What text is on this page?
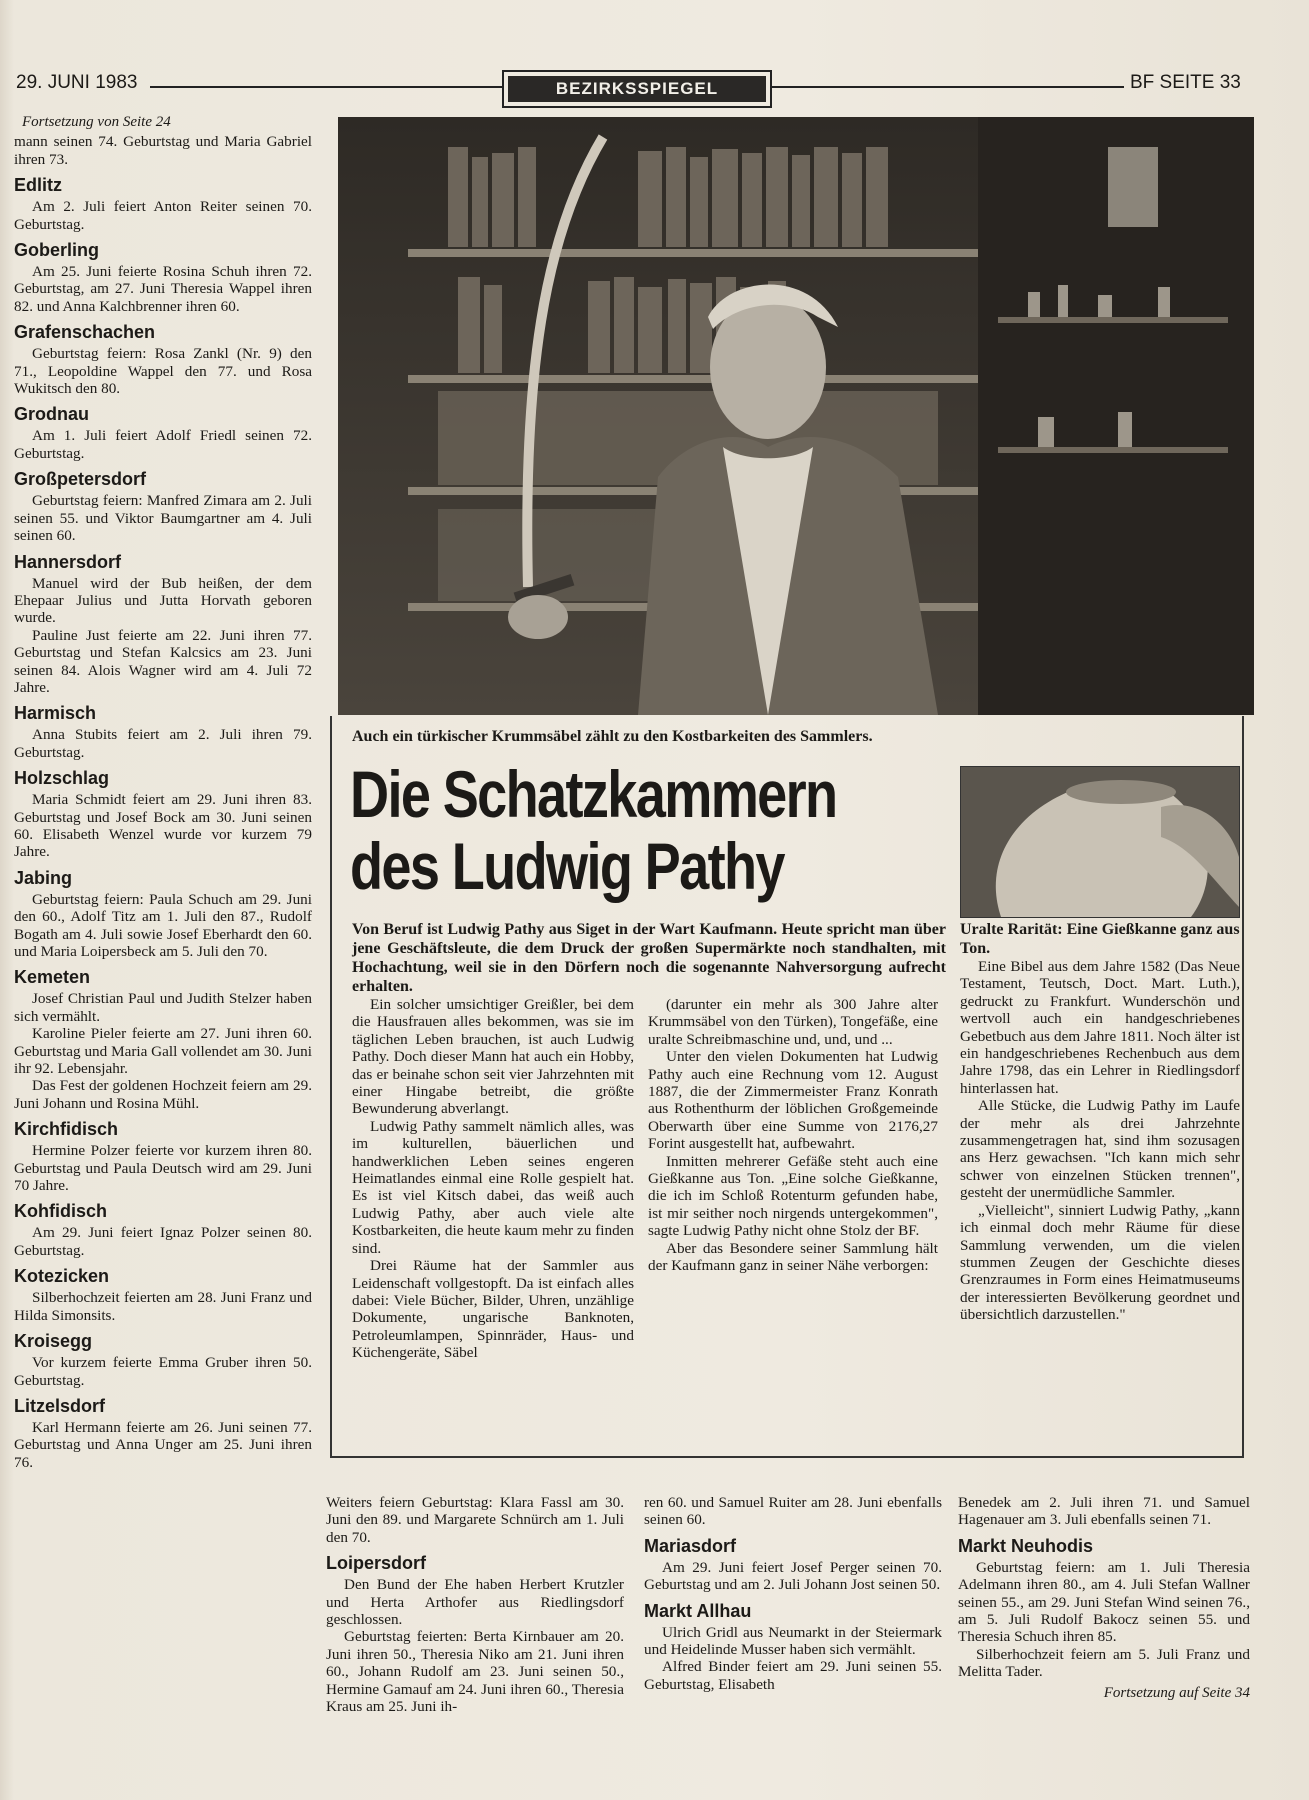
29. JUNI 1983	BEZIRKSSPIEGEL	BF SEITE 33
Fortsetzung von Seite 24

mann seinen 74. Geburtstag und Maria Gabriel ihren 73.

Edlitz

Am 2. Juli feiert Anton Reiter seinen 70. Geburtstag.

Goberling

Am 25. Juni feierte Rosina Schuh ihren 72. Geburtstag, am 27. Juni Theresia Wappel ihren 82. und Anna Kalchbrenner ihren 60.

Grafenschachen

Geburtstag feiern: Rosa Zankl (Nr. 9) den 71., Leopoldine Wappel den 77. und Rosa Wukitsch den 80.

Grodnau

Am 1. Juli feiert Adolf Friedl seinen 72. Geburtstag.

Großpetersdorf

Geburtstag feiern: Manfred Zimara am 2. Juli seinen 55. und Viktor Baumgartner am 4. Juli seinen 60.

Hannersdorf

Manuel wird der Bub heißen, der dem Ehepaar Julius und Jutta Horvath geboren wurde.

Pauline Just feierte am 22. Juni ihren 77. Geburtstag und Stefan Kalcsics am 23. Juni seinen 84. Alois Wagner wird am 4. Juli 72 Jahre.

Harmisch

Anna Stubits feiert am 2. Juli ihren 79. Geburtstag.

Holzschlag

Maria Schmidt feiert am 29. Juni ihren 83. Geburtstag und Josef Bock am 30. Juni seinen 60. Elisabeth Wenzel wurde vor kurzem 79 Jahre.

Jabing

Geburtstag feiern: Paula Schuch am 29. Juni den 60., Adolf Titz am 1. Juli den 87., Rudolf Bogath am 4. Juli sowie Josef Eberhardt den 60. und Maria Loipersbeck am 5. Juli den 70.

Kemeten

Josef Christian Paul und Judith Stelzer haben sich vermählt.

Karoline Pieler feierte am 27. Juni ihren 60. Geburtstag und Maria Gall vollendet am 30. Juni ihr 92. Lebensjahr.

Das Fest der goldenen Hochzeit feiern am 29. Juni Johann und Rosina Mühl.

Kirchfidisch

Hermine Polzer feierte vor kurzem ihren 80. Geburtstag und Paula Deutsch wird am 29. Juni 70 Jahre.

Kohfidisch

Am 29. Juni feiert Ignaz Polzer seinen 80. Geburtstag.

Kotezicken

Silberhochzeit feierten am 28. Juni Franz und Hilda Simonsits.

Kroisegg

Vor kurzem feierte Emma Gruber ihren 50. Geburtstag.

Litzelsdorf

Karl Hermann feierte am 26. Juni seinen 77. Geburtstag und Anna Unger am 25. Juni ihren 76.

Auch ein türkischer Krummsäbel zählt zu den Kostbarkeiten des Sammlers.
Die Schatzkammern
des Ludwig Pathy
Uralte Rarität: Eine Gießkanne ganz aus Ton.
Von Beruf ist Ludwig Pathy aus Siget in der Wart Kaufmann. Heute spricht man über jene Geschäftsleute, die dem Druck der großen Supermärkte noch standhalten, mit Hochachtung, weil sie in den Dörfern noch die sogenannte Nahversorgung aufrecht erhalten.

Ein solcher umsichtiger Greißler, bei dem die Hausfrauen alles bekommen, was sie im täglichen Leben brauchen, ist auch Ludwig Pathy. Doch dieser Mann hat auch ein Hobby, das er beinahe schon seit vier Jahrzehnten mit einer Hingabe betreibt, die größte Bewunderung abverlangt.

Ludwig Pathy sammelt nämlich alles, was im kulturellen, bäuerlichen und handwerklichen Leben seines engeren Heimatlandes einmal eine Rolle gespielt hat. Es ist viel Kitsch dabei, das weiß auch Ludwig Pathy, aber auch viele alte Kostbarkeiten, die heute kaum mehr zu finden sind.

Drei Räume hat der Sammler aus Leidenschaft vollgestopft. Da ist einfach alles dabei: Viele Bücher, Bilder, Uhren, unzählige Dokumente, ungarische Banknoten, Petroleumlampen, Spinnräder, Haus- und Küchengeräte, Säbel

(darunter ein mehr als 300 Jahre alter Krummsäbel von den Türken), Tongefäße, eine uralte Schreibmaschine und, und, und ...

Unter den vielen Dokumenten hat Ludwig Pathy auch eine Rechnung vom 12. August 1887, die der Zimmermeister Franz Konrath aus Rothenthurm der löblichen Großgemeinde Oberwarth über eine Summe von 2176,27 Forint ausgestellt hat, aufbewahrt.

Inmitten mehrerer Gefäße steht auch eine Gießkanne aus Ton. „Eine solche Gießkanne, die ich im Schloß Rotenturm gefunden habe, ist mir seither noch nirgends untergekommen", sagte Ludwig Pathy nicht ohne Stolz der BF.

Aber das Besondere seiner Sammlung hält der Kaufmann ganz in seiner Nähe verborgen:

Eine Bibel aus dem Jahre 1582 (Das Neue Testament, Teutsch, Doct. Mart. Luth.), gedruckt zu Frankfurt. Wunderschön und wertvoll auch ein handgeschriebenes Gebetbuch aus dem Jahre 1811. Noch älter ist ein handgeschriebenes Rechenbuch aus dem Jahre 1798, das ein Lehrer in Riedlingsdorf hinterlassen hat.

Alle Stücke, die Ludwig Pathy im Laufe der mehr als drei Jahrzehnte zusammengetragen hat, sind ihm sozusagen ans Herz gewachsen. "Ich kann mich sehr schwer von einzelnen Stücken trennen", gesteht der unermüdliche Sammler.

„Vielleicht", sinniert Ludwig Pathy, „kann ich einmal doch mehr Räume für diese Sammlung verwenden, um die vielen stummen Zeugen der Geschichte dieses Grenzraumes in Form eines Heimatmuseums der interessierten Bevölkerung geordnet und übersichtlich darzustellen."

Weiters feiern Geburtstag: Klara Fassl am 30. Juni den 89. und Margarete Schnürch am 1. Juli den 70.

Loipersdorf

Den Bund der Ehe haben Herbert Krutzler und Herta Arthofer aus Riedlingsdorf geschlossen.

Geburtstag feierten: Berta Kirnbauer am 20. Juni ihren 50., Theresia Niko am 21. Juni ihren 60., Johann Rudolf am 23. Juni seinen 50., Hermine Gamauf am 24. Juni ihren 60., Theresia Kraus am 25. Juni ih-

ren 60. und Samuel Ruiter am 28. Juni ebenfalls seinen 60.

Mariasdorf

Am 29. Juni feiert Josef Perger seinen 70. Geburtstag und am 2. Juli Johann Jost seinen 50.

Markt Allhau

Ulrich Gridl aus Neumarkt in der Steiermark und Heidelinde Musser haben sich vermählt.

Alfred Binder feiert am 29. Juni seinen 55. Geburtstag, Elisabeth

Benedek am 2. Juli ihren 71. und Samuel Hagenauer am 3. Juli ebenfalls seinen 71.

Markt Neuhodis

Geburtstag feiern: am 1. Juli Theresia Adelmann ihren 80., am 4. Juli Stefan Wallner seinen 55., am 29. Juni Stefan Wind seinen 76., am 5. Juli Rudolf Bakocz seinen 55. und Theresia Schuch ihren 85.

Silberhochzeit feiern am 5. Juli Franz und Melitta Tader.

Fortsetzung auf Seite 34
